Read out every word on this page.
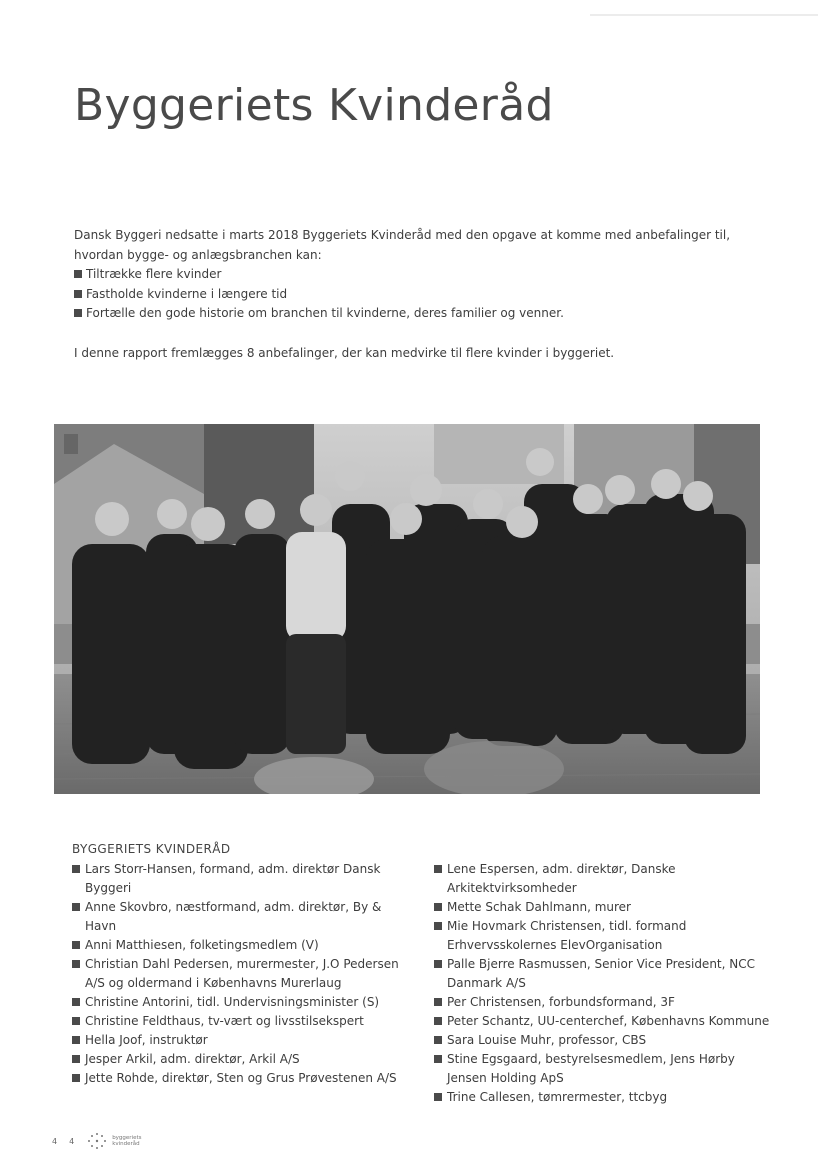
Byggeriets Kvinderåd

Dansk Byggeri nedsatte i marts 2018 Byggeriets Kvinderåd med den opgave at komme med anbefalinger til, hvordan bygge- og anlægsbranchen kan:

Tiltrække flere kvinder
Fastholde kvinderne i længere tid
Fortælle den gode historie om branchen til kvinderne, deres familier og venner.

I denne rapport fremlægges 8 anbefalinger, der kan medvirke til flere kvinder i byggeriet.

BYGGERIETS KVINDERÅD
Lars Storr-Hansen, formand, adm. direktør Dansk Byggeri
Anne Skovbro, næstformand, adm. direktør, By & Havn
Anni Matthiesen, folketingsmedlem (V)
Christian Dahl Pedersen, murermester, J.O Pedersen A/S og oldermand i Københavns Murerlaug
Christine Antorini, tidl. Undervisningsminister (S)
Christine Feldthaus, tv-vært og livsstilsekspert
Hella Joof, instruktør
Jesper Arkil, adm. direktør, Arkil A/S
Jette Rohde, direktør, Sten og Grus Prøvestenen A/S
Lene Espersen, adm. direktør, Danske Arkitektvirksomheder
Mette Schak Dahlmann, murer
Mie Hovmark Christensen, tidl. formand Erhvervsskolernes ElevOrganisation
Palle Bjerre Rasmussen, Senior Vice President, NCC Danmark A/S
Per Christensen, forbundsformand, 3F
Peter Schantz, UU-centerchef, Københavns Kommune
Sara Louise Muhr, professor, CBS
Stine Egsgaard, bestyrelsesmedlem, Jens Hørby Jensen Holding ApS
Trine Callesen, tømrermester, ttcbyg
4 4	byggeriets
kvinderåd
